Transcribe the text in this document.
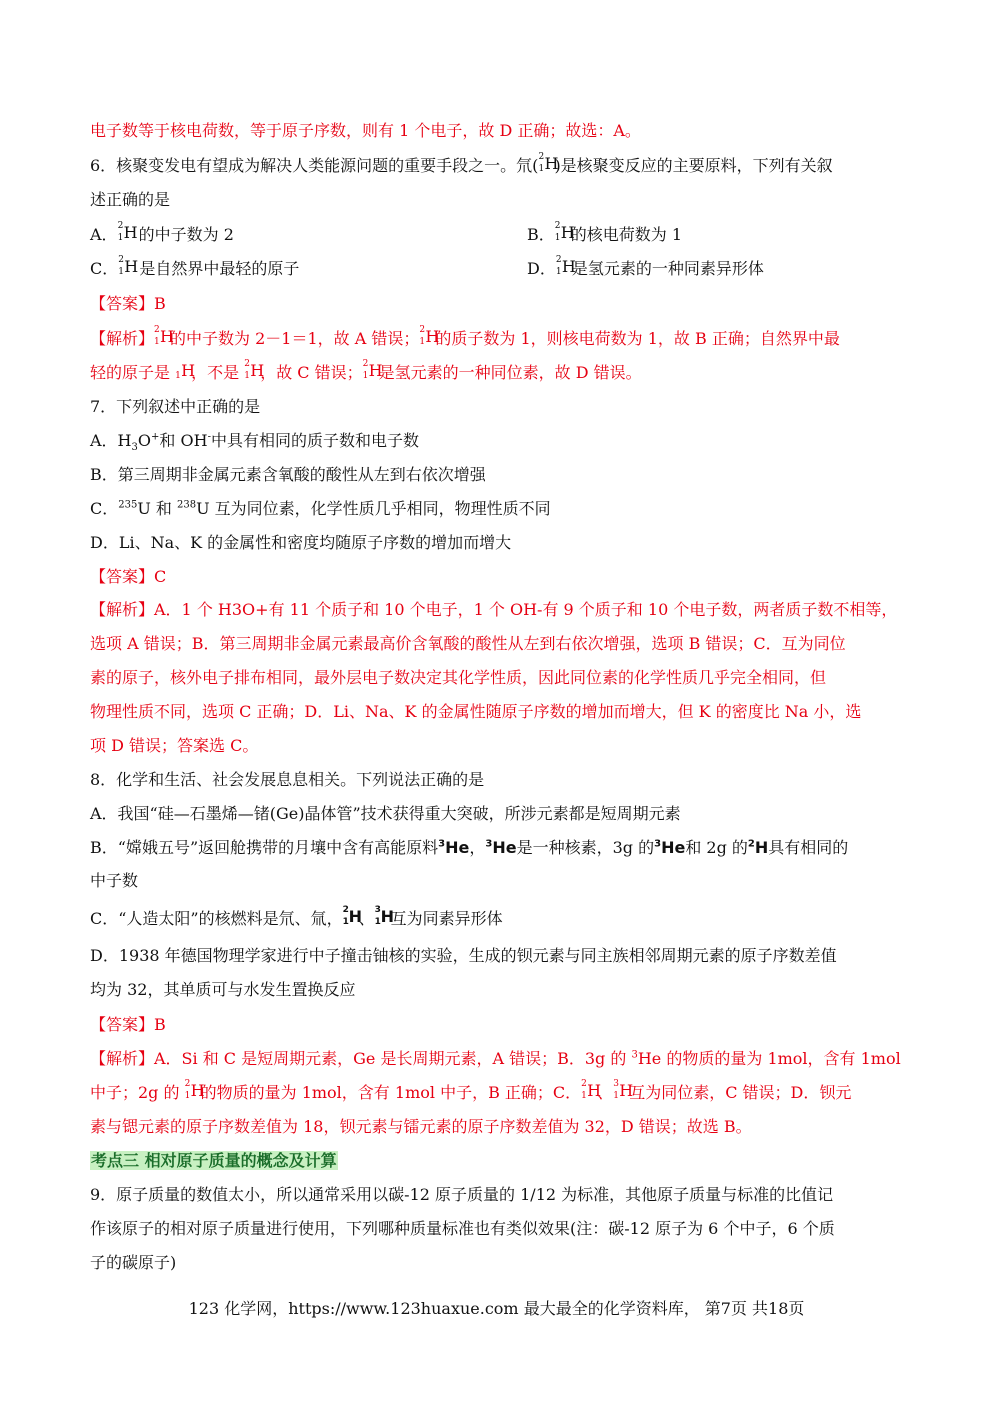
电子数等于核电荷数，等于原子序数，则有 1 个电子，故 D 正确；故选：A。
6．核聚变发电有望成为解决人类能源问题的重要手段之一。氘( 2
1 H
)是核聚变反应的主要原料，下列有关叙
述正确的是
A． 2
1 H 的中子数为 2	B． 2
1 H
的核电荷数为 1
C． 2
1 H 是自然界中最轻的原子	D． 2
1 H
是氢元素的一种同素异形体
【答案】B
【解析】 2
1 H
的中子数为 2－1＝1，故 A 错误； 2
1 H
的质子数为 1，则核电荷数为 1，故 B 正确；自然界中最
轻的原子是 1 H
，不是 2
1 H
，故 C 错误； 2
1 H
是氢元素的一种同位素，故 D 错误。
7．下列叙述中正确的是
A．$H_3O^+$和 OH-中具有相同的质子数和电子数
B．第三周期非金属元素含氧酸的酸性从左到右依次增强
C．$^{235}$U 和 $^{238}$U 互为同位素，化学性质几乎相同，物理性质不同
D．Li、Na、K 的金属性和密度均随原子序数的增加而增大
【答案】C
【解析】A．1 个 H3O+有 11 个质子和 10 个电子，1 个 OH-有 9 个质子和 10 个电子数，两者质子数不相等，
选项 A 错误；B．第三周期非金属元素最高价含氧酸的酸性从左到右依次增强，选项 B 错误；C．互为同位
素的原子，核外电子排布相同，最外层电子数决定其化学性质，因此同位素的化学性质几乎完全相同，但
物理性质不同，选项 C 正确；D．Li、Na、K 的金属性随原子序数的增加而增大，但 K 的密度比 Na 小，选
项 D 错误；答案选 C。
8．化学和生活、社会发展息息相关。下列说法正确的是
A．我国“硅—石墨烯—锗(Ge)晶体管”技术获得重大突破，所涉元素都是短周期元素
B．“嫦娥五号”返回舱携带的月壤中含有高能原料$^3$He，$^3$He是一种核素，3g 的$^3$He和 2g 的$^2$H具有相同的
中子数
C．“人造太阳”的核燃料是氘、氚， 2
1 H
、 3
1 H
互为同素异形体
D．1938 年德国物理学家进行中子撞击铀核的实验，生成的钡元素与同主族相邻周期元素的原子序数差值
均为 32，其单质可与水发生置换反应
【答案】B
【解析】A．Si 和 C 是短周期元素，Ge 是长周期元素，A 错误；B．3g 的 $^3$He 的物质的量为 1mol，含有 1mol
中子；2g 的 2
1 H
的物质的量为 1mol，含有 1mol 中子，B 正确；C． 2
1 H
、 3
1 H
互为同位素，C 错误；D．钡元
素与锶元素的原子序数差值为 18，钡元素与镭元素的原子序数差值为 32，D 错误；故选 B。
考点三 相对原子质量的概念及计算
9．原子质量的数值太小，所以通常采用以碳-12 原子质量的 1/12 为标准，其他原子质量与标准的比值记
作该原子的相对原子质量进行使用，下列哪种质量标准也有类似效果(注：碳-12 原子为 6 个中子，6 个质
子的碳原子)
123 化学网，https://www.123huaxue.com 最大最全的化学资料库， 第7页 共18页
